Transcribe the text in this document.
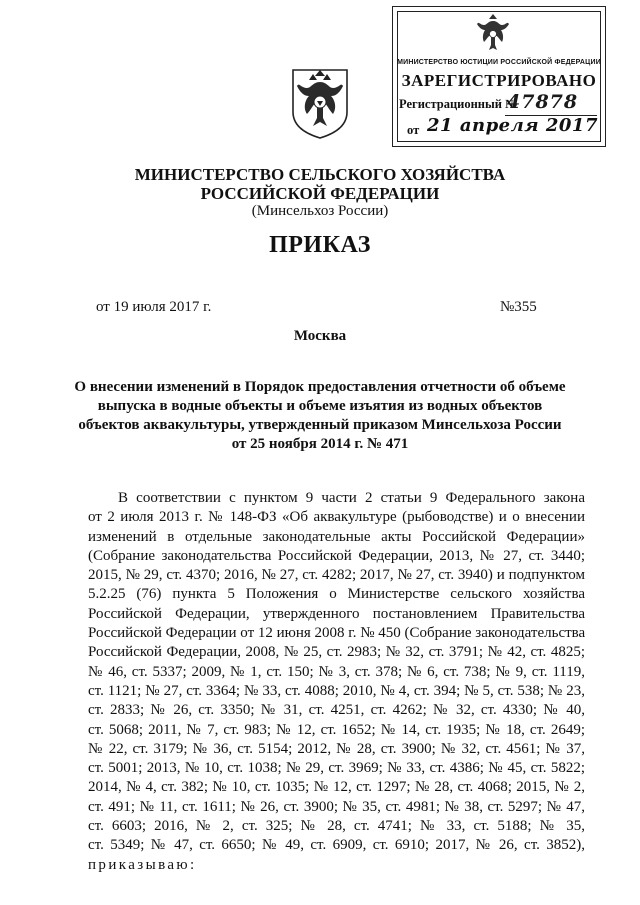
МИНИСТЕРСТВО ЮСТИЦИИ РОССИЙСКОЙ ФЕДЕРАЦИИ
ЗАРЕГИСТРИРОВАНО
Регистрационный №
47878
от 21 апреля 2017
МИНИСТЕРСТВО СЕЛЬСКОГО ХОЗЯЙСТВА
РОССИЙСКОЙ ФЕДЕРАЦИИ
(Минсельхоз России)
ПРИКАЗ
от 19 июля 2017 г.	№355
Москва
О внесении изменений в Порядок предоставления отчетности об объеме
выпуска в водные объекты и объеме изъятия из водных объектов
объектов аквакультуры, утвержденный приказом Минсельхоза России
от 25 ноября 2014 г. № 471
В соответствии с пунктом 9 части 2 статьи 9 Федерального закона
от 2 июля 2013 г. № 148-ФЗ «Об аквакультуре (рыбоводстве) и о внесении
изменений в отдельные законодательные акты Российской Федерации»
(Собрание законодательства Российской Федерации, 2013, № 27, ст. 3440;
2015, № 29, ст. 4370; 2016, № 27, ст. 4282; 2017, № 27, ст. 3940) и подпунктом
5.2.25 (76) пункта 5 Положения о Министерстве сельского хозяйства
Российской Федерации, утвержденного постановлением Правительства
Российской Федерации от 12 июня 2008 г. № 450 (Собрание законодательства
Российской Федерации, 2008, № 25, ст. 2983; № 32, ст. 3791; № 42, ст. 4825;
№ 46, ст. 5337; 2009, № 1, ст. 150; № 3, ст. 378; № 6, ст. 738; № 9, ст. 1119,
ст. 1121; № 27, ст. 3364; № 33, ст. 4088; 2010, № 4, ст. 394; № 5, ст. 538; № 23,
ст. 2833; № 26, ст. 3350; № 31, ст. 4251, ст. 4262; № 32, ст. 4330; № 40,
ст. 5068; 2011, № 7, ст. 983; № 12, ст. 1652; № 14, ст. 1935; № 18, ст. 2649;
№ 22, ст. 3179; № 36, ст. 5154; 2012, № 28, ст. 3900; № 32, ст. 4561; № 37,
ст. 5001; 2013, № 10, ст. 1038; № 29, ст. 3969; № 33, ст. 4386; № 45, ст. 5822;
2014, № 4, ст. 382; № 10, ст. 1035; № 12, ст. 1297; № 28, ст. 4068; 2015, № 2,
ст. 491; № 11, ст. 1611; № 26, ст. 3900; № 35, ст. 4981; № 38, ст. 5297; № 47,
ст. 6603; 2016, № 2, ст. 325; № 28, ст. 4741; № 33, ст. 5188; № 35,
ст. 5349; № 47, ст. 6650; № 49, ст. 6909, ст. 6910; 2017, № 26, ст. 3852),
приказываю:
